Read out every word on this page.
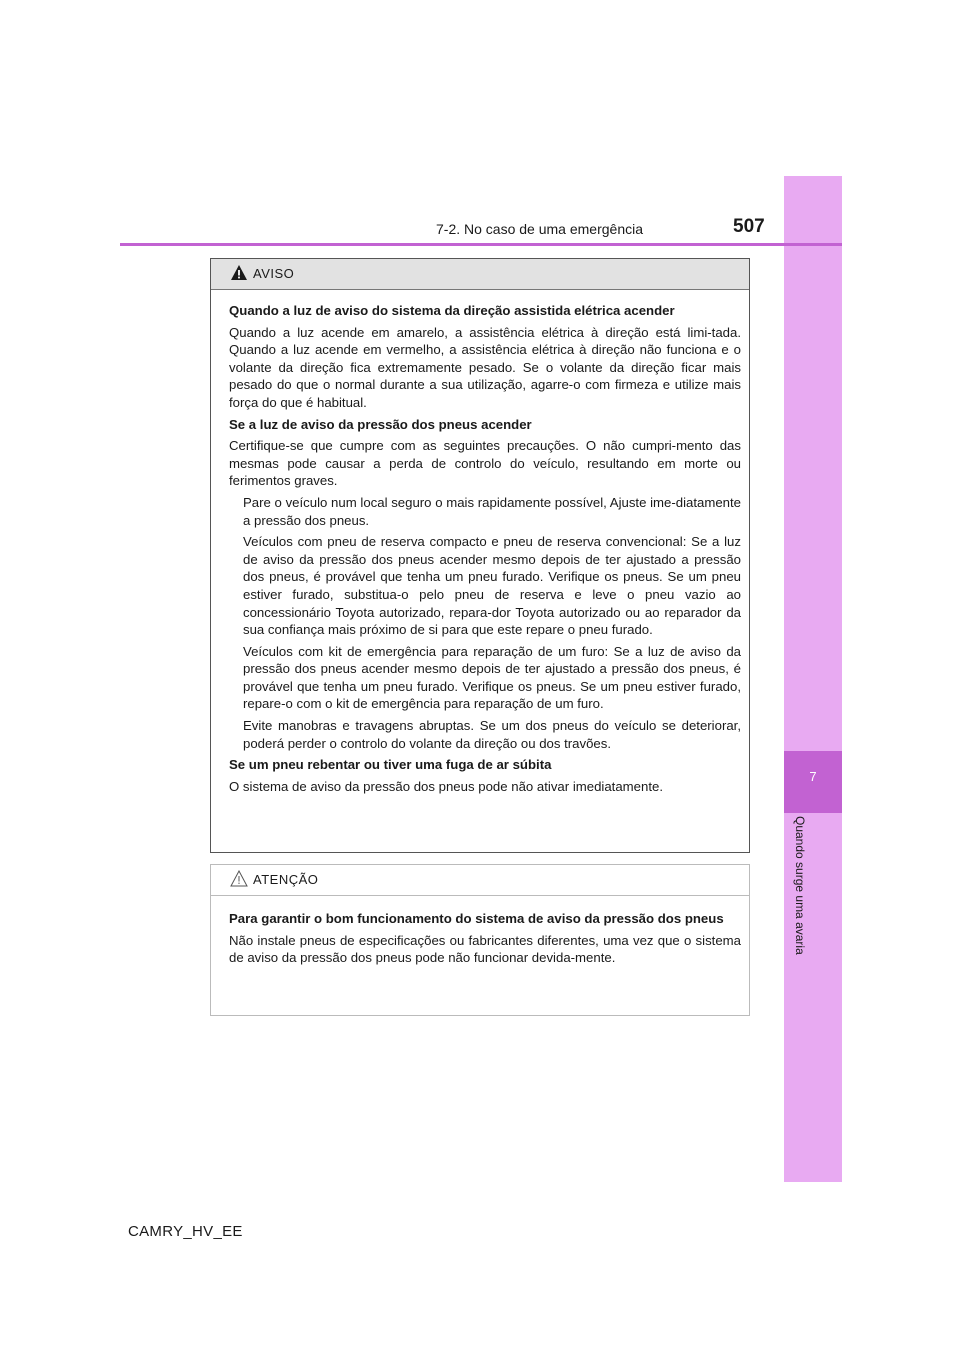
7
Quando surge uma avaria
7-2. No caso de uma emergência	507
AVISO

Quando a luz de aviso do sistema da direção assistida elétrica acender

Quando a luz acende em amarelo, a assistência elétrica à direção está limi-tada. Quando a luz acende em vermelho, a assistência elétrica à direção não funciona e o volante da direção fica extremamente pesado. Se o volante da direção ficar mais pesado do que o normal durante a sua utilização, agarre-o com firmeza e utilize mais força do que é habitual.

Se a luz de aviso da pressão dos pneus acender

Certifique-se que cumpre com as seguintes precauções. O não cumpri-mento das mesmas pode causar a perda de controlo do veículo, resultando em morte ou ferimentos graves.

Pare o veículo num local seguro o mais rapidamente possível, Ajuste ime-diatamente a pressão dos pneus.

Veículos com pneu de reserva compacto e pneu de reserva convencional: Se a luz de aviso da pressão dos pneus acender mesmo depois de ter ajustado a pressão dos pneus, é provável que tenha um pneu furado. Verifique os pneus. Se um pneu estiver furado, substitua-o pelo pneu de reserva e leve o pneu vazio ao concessionário Toyota autorizado, repara-dor Toyota autorizado ou ao reparador da sua confiança mais próximo de si para que este repare o pneu furado.

Veículos com kit de emergência para reparação de um furo: Se a luz de aviso da pressão dos pneus acender mesmo depois de ter ajustado a pressão dos pneus, é provável que tenha um pneu furado. Verifique os pneus. Se um pneu estiver furado, repare-o com o kit de emergência para reparação de um furo.

Evite manobras e travagens abruptas. Se um dos pneus do veículo se deteriorar, poderá perder o controlo do volante da direção ou dos travões.

Se um pneu rebentar ou tiver uma fuga de ar súbita

O sistema de aviso da pressão dos pneus pode não ativar imediatamente.

ATENÇÃO

Para garantir o bom funcionamento do sistema de aviso da pressão dos pneus

Não instale pneus de especificações ou fabricantes diferentes, uma vez que o sistema de aviso da pressão dos pneus pode não funcionar devida-mente.

CAMRY_HV_EE
